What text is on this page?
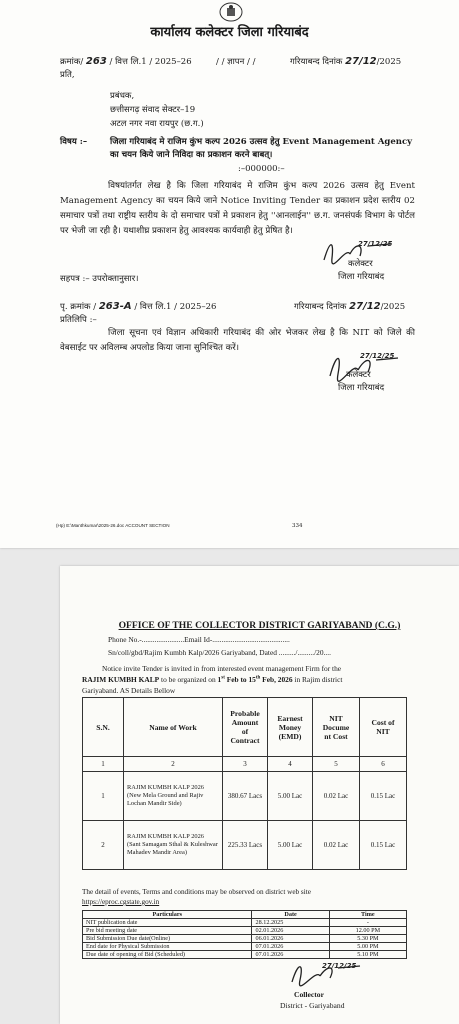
कार्यालय कलेक्टर जिला गरियाबंद
क्रमांक/ 263 / वित्त लि.1 / 2025–26	/ / ज्ञापन / /	गरियाबन्द दिनांक 27/12/2025
प्रति,
प्रबंधक,
छत्तीसगढ़ संवाद सेक्टर–19
अटल नगर नवा रायपुर (छ.ग.)
विषय :–	जिला गरियाबंद मे राजिम कुंभ कल्प 2026 उत्सव हेतु Event Management Agency
का चयन किये जाने निविदा का प्रकाशन करने बाबत्।
:–000000:–
विषयांतर्गत लेख है कि जिला गरियाबंद मे राजिम कुंभ कल्प 2026 उत्सव हेतु Event Management Agency का चयन किये जाने Notice Inviting Tender का प्रकाशन प्रदेश स्तरीय 02 समाचार पत्रों तथा राष्ट्रीय स्तरीय के दो समाचार पत्रों मे प्रकाशन हेतु ''आनलाईन'' छ.ग. जनसंपर्क विभाग के पोर्टल पर भेजी जा रही है। यथाशीघ्र प्रकाशन हेतु आवश्यक कार्यवाही हेतु प्रेषित है।
27/12/25
कलेक्टर
जिला गरियाबंद
सहपत्र :– उपरोक्तानुसार।
पृ. क्रमांक / 263-A / वित्त लि.1 / 2025–26	गरियाबन्द दिनांक 27/12/2025
प्रतिलिपि :–
जिला सूचना एवं विज्ञान अधिकारी गरियाबंद की ओर भेजकर लेख है कि NIT को जिले की वेबसाईट पर अविलम्ब अपलोड किया जाना सुनिश्चित करें।
27/12/25
कलेक्टर
जिला गरियाबंद
(Hp) E:\Manthkumar\2025-26.doc ACCOUNT SECTION	334
OFFICE OF THE COLLECTOR DISTRICT GARIYABAND (C.G.)
Phone No.-.......................Email Id-..........................................
Sn/coll/gbd/Rajim Kumbh Kalp/2026 Gariyaband, Dated ........./........./20....
Notice invite Tender is invited in from interested event management Firm for the
RAJIM KUMBH KALP to be organized on 1st Feb to 15th Feb, 2026 in Rajim district
Gariyaband. AS Details Bellow
S.N.	Name of Work	Probable
Amount
of
Contract	Earnest
Money
(EMD)	NIT
Docume
nt Cost	Cost of
NIT
1	2	3	4	5	6
1	RAJIM KUMBH KALP 2026 (New Mela Ground and Rajiv Lochan Mandir Side)	380.67 Lacs	5.00 Lac	0.02 Lac	0.15 Lac
2	RAJIM KUMBH KALP 2026 (Sant Samagam Sthal & Kuleshwar Mahadev Mandir Area)	225.33 Lacs	5.00 Lac	0.02 Lac	0.15 Lac
The detail of events, Terms and conditions may be observed on district web site
https://eproc.cgstate.gov.in
Particulars	Date	Time
NIT publication date	28.12.2025	-
Pre bid meeting date	02.01.2026	12.00 PM
Bid Submission Due date(Online)	06.01.2026	5.30 PM
End date for Physical Submission	07.01.2026	5.00 PM
Due date of opening of Bid (Scheduled)	07.01.2026	5.10 PM
27/12/25
Collector
District - Gariyaband
